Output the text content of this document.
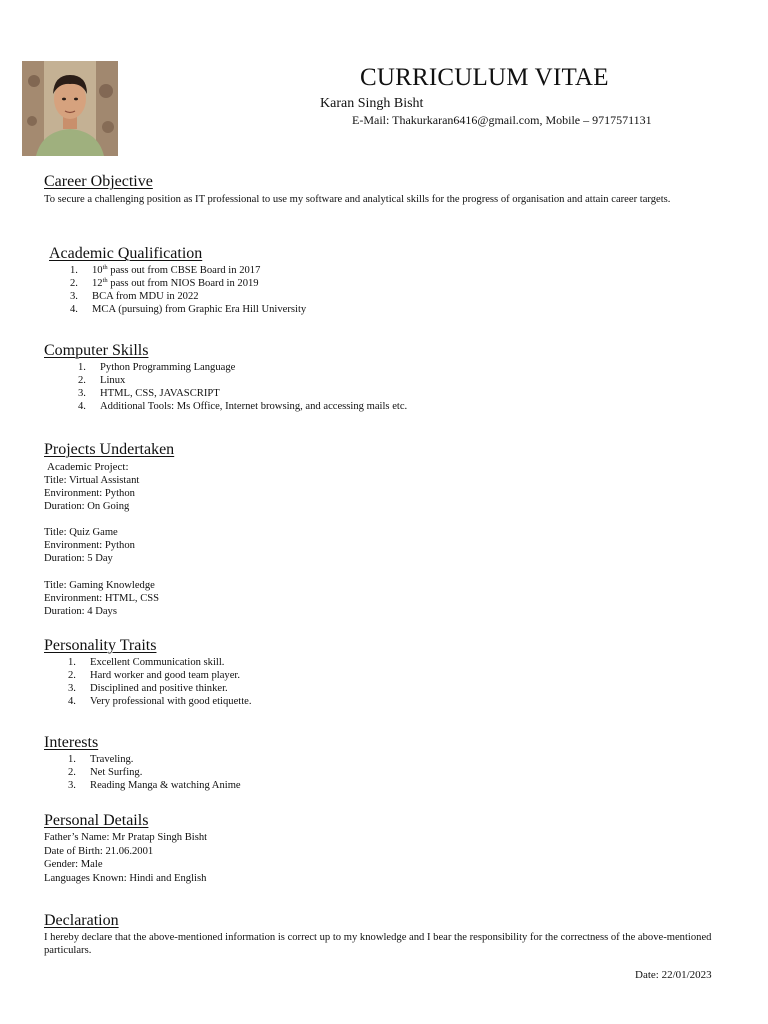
CURRICULUM VITAE
Karan Singh Bisht
E-Mail: Thakurkaran6416@gmail.com, Mobile – 9717571131
Career Objective
To secure a challenging position as IT professional to use my software and analytical skills for the progress of organisation and attain career targets.
Academic Qualification
1. 10th pass out from CBSE Board in 2017
2. 12th pass out from NIOS Board in 2019
3. BCA from MDU in 2022
4. MCA (pursuing) from Graphic Era Hill University
Computer Skills
1. Python Programming Language
2. Linux
3. HTML, CSS, JAVASCRIPT
4. Additional Tools: Ms Office, Internet browsing, and accessing mails etc.
Projects Undertaken
Academic Project:
Title: Virtual Assistant
Environment: Python
Duration: On Going
Title: Quiz Game
Environment: Python
Duration: 5 Day
Title: Gaming Knowledge
Environment: HTML, CSS
Duration: 4 Days
Personality Traits
1. Excellent Communication skill.
2. Hard worker and good team player.
3. Disciplined and positive thinker.
4. Very professional with good etiquette.
Interests
1. Traveling.
2. Net Surfing.
3. Reading Manga & watching Anime
Personal Details
Father’s Name: Mr Pratap Singh Bisht
Date of Birth: 21.06.2001
Gender: Male
Languages Known: Hindi and English
Declaration
I hereby declare that the above-mentioned information is correct up to my knowledge and I bear the responsibility for the correctness of the above-mentioned particulars.
Date: 22/01/2023
